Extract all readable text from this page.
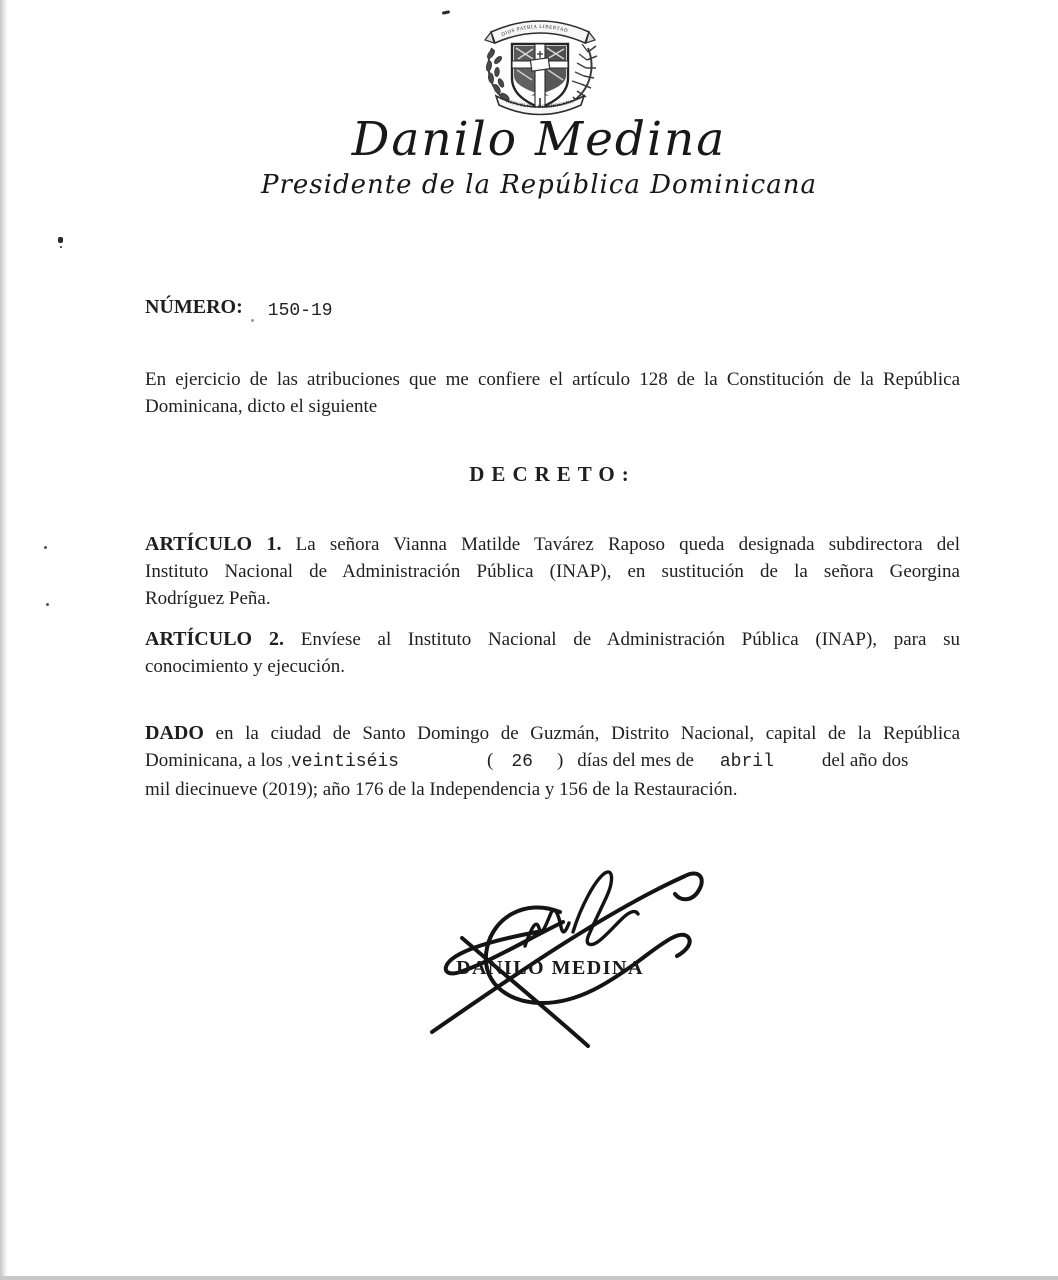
DIOS PATRIA LIBERTAD
REPUBLICA DOMINICANA
Danilo Medina
Presidente de la República Dominicana
NÚMERO: 150-19
En ejercicio de las atribuciones que me confiere el artículo 128 de la Constitución de la República
Dominicana, dicto el siguiente
DECRETO:
ARTÍCULO 1. La señora Vianna Matilde Tavárez Raposo queda designada subdirectora del
Instituto Nacional de Administración Pública (INAP), en sustitución de la señora Georgina
Rodríguez Peña.
ARTÍCULO 2. Envíese al Instituto Nacional de Administración Pública (INAP), para su
conocimiento y ejecución.
DADO en la ciudad de Santo Domingo de Guzmán, Distrito Nacional, capital de la República
Dominicana, a los ,veintiséis	( 26 ) días del mes de abril	del año dos
mil diecinueve (2019); año 176 de la Independencia y 156 de la Restauración.
DANILO MEDINA
